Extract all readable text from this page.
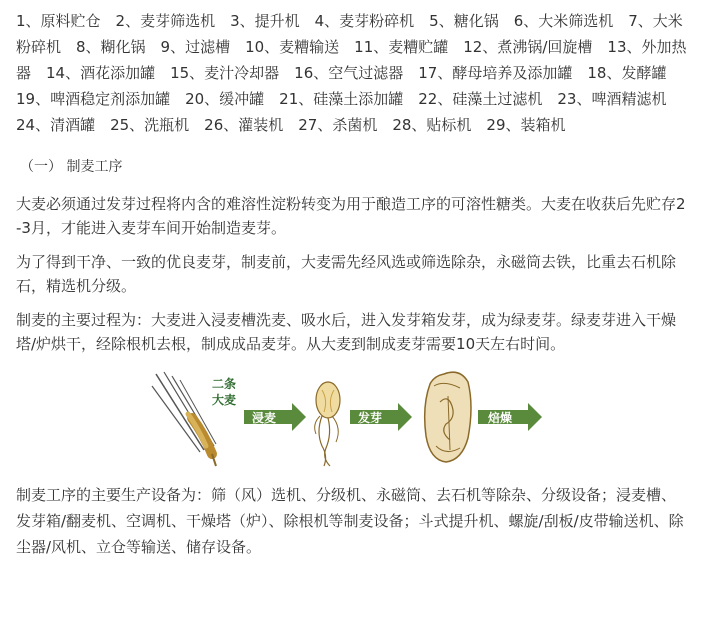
1、原料贮仓　2、麦芽筛选机　3、提升机　4、麦芽粉碎机　5、糖化锅　6、大米筛选机　7、大米粉碎机　8、糊化锅　9、过滤槽　10、麦糟输送　11、麦糟贮罐　12、煮沸锅/回旋槽　13、外加热器　14、酒花添加罐　15、麦汁冷却器　16、空气过滤器　17、酵母培养及添加罐　18、发酵罐　19、啤酒稳定剂添加罐　20、缓冲罐　21、硅藻土添加罐　22、硅藻土过滤机　23、啤酒精滤机　24、清酒罐　25、洗瓶机　26、灌装机　27、杀菌机　28、贴标机　29、装箱机

（一） 制麦工序

大麦必须通过发芽过程将内含的难溶性淀粉转变为用于酿造工序的可溶性糖类。大麦在收获后先贮存2-3月，才能进入麦芽车间开始制造麦芽。

为了得到干净、一致的优良麦芽，制麦前，大麦需先经风选或筛选除杂，永磁筒去铁，比重去石机除石，精选机分级。

制麦的主要过程为：大麦进入浸麦槽洗麦、吸水后，进入发芽箱发芽，成为绿麦芽。绿麦芽进入干燥塔/炉烘干，经除根机去根，制成成品麦芽。从大麦到制成麦芽需要10天左右时间。

二条
大麦
浸麦	发芽	焙燥

制麦工序的主要生产设备为：筛（风）选机、分级机、永磁筒、去石机等除杂、分级设备；浸麦槽、发芽箱/翻麦机、空调机、干燥塔（炉）、除根机等制麦设备；斗式提升机、螺旋/刮板/皮带输送机、除尘器/风机、立仓等输送、储存设备。
